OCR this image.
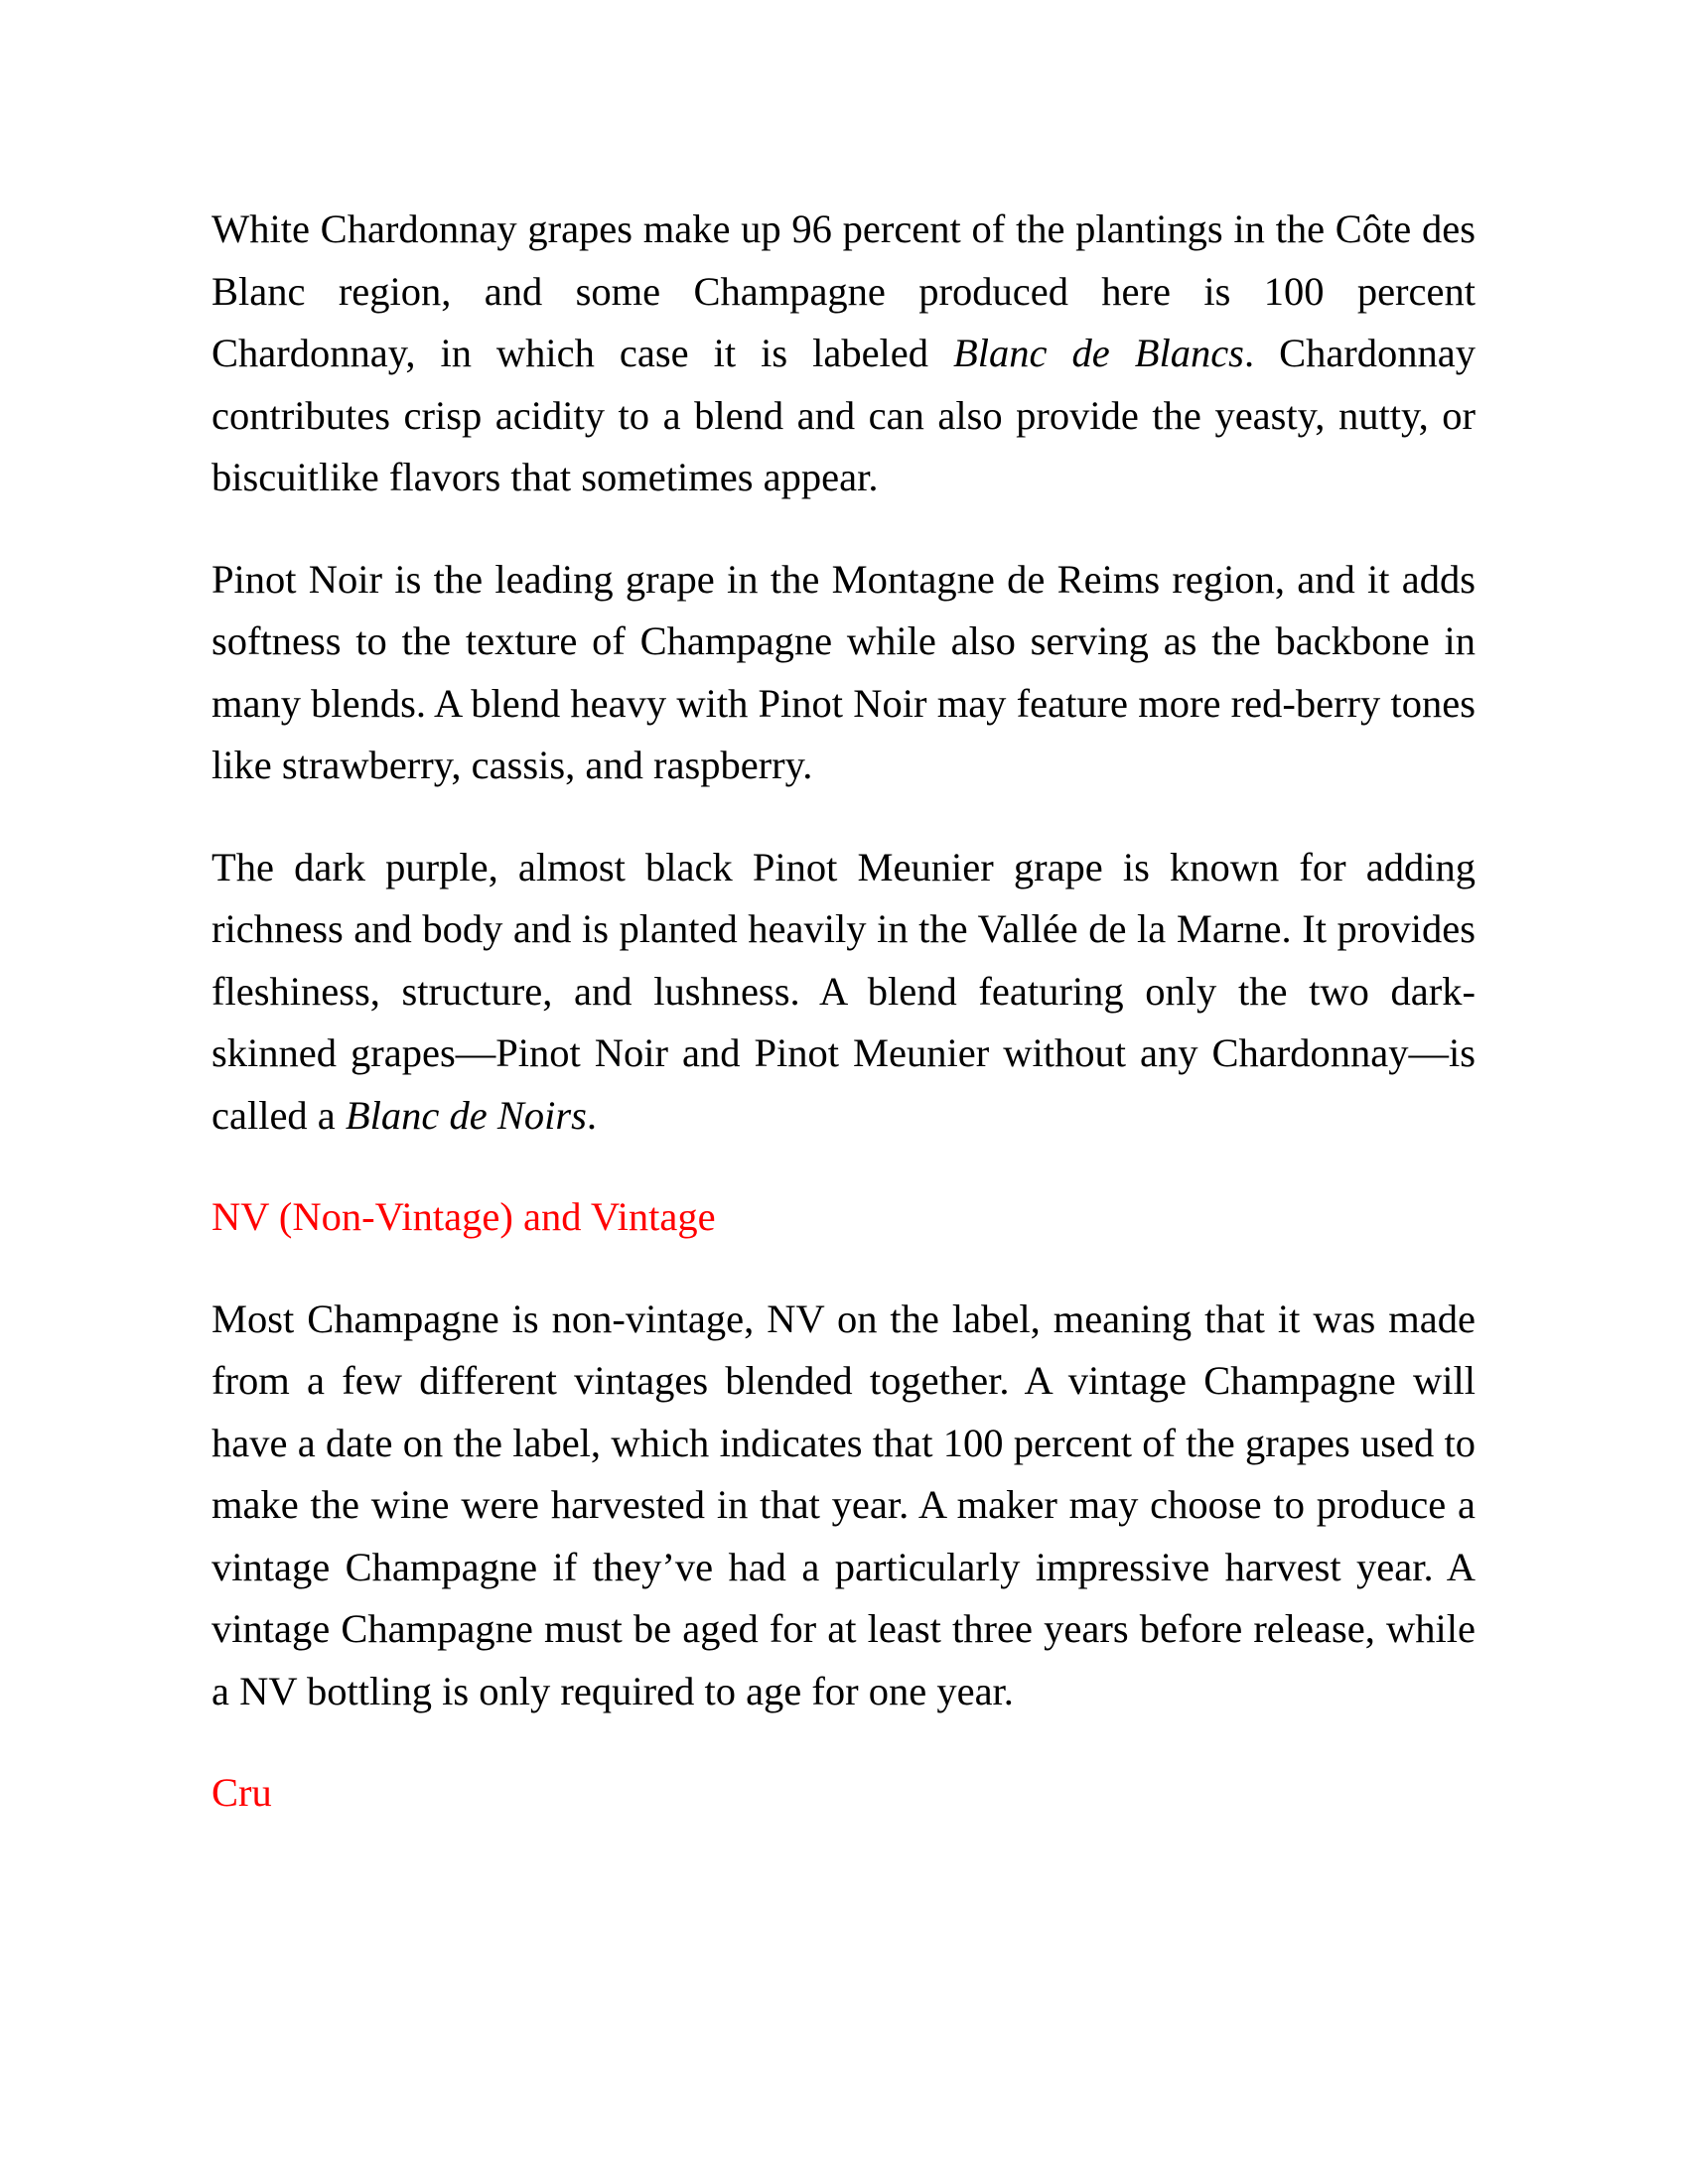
White Chardonnay grapes make up 96 percent of the plantings in the Côte des Blanc region, and some Champagne produced here is 100 percent Chardonnay, in which case it is labeled Blanc de Blancs. Chardonnay contributes crisp acidity to a blend and can also provide the yeasty, nutty, or biscuitlike flavors that sometimes appear.

Pinot Noir is the leading grape in the Montagne de Reims region, and it adds softness to the texture of Champagne while also serving as the backbone in many blends. A blend heavy with Pinot Noir may feature more red-berry tones like strawberry, cassis, and raspberry.

The dark purple, almost black Pinot Meunier grape is known for adding richness and body and is planted heavily in the Vallée de la Marne. It provides fleshiness, structure, and lushness. A blend featuring only the two dark-skinned grapes—Pinot Noir and Pinot Meunier without any Chardonnay—is called a Blanc de Noirs.

NV (Non-Vintage) and Vintage

Most Champagne is non-vintage, NV on the label, meaning that it was made from a few different vintages blended together. A vintage Champagne will have a date on the label, which indicates that 100 percent of the grapes used to make the wine were harvested in that year. A maker may choose to produce a vintage Champagne if they’ve had a particularly impressive harvest year. A vintage Champagne must be aged for at least three years before release, while a NV bottling is only required to age for one year.

Cru
